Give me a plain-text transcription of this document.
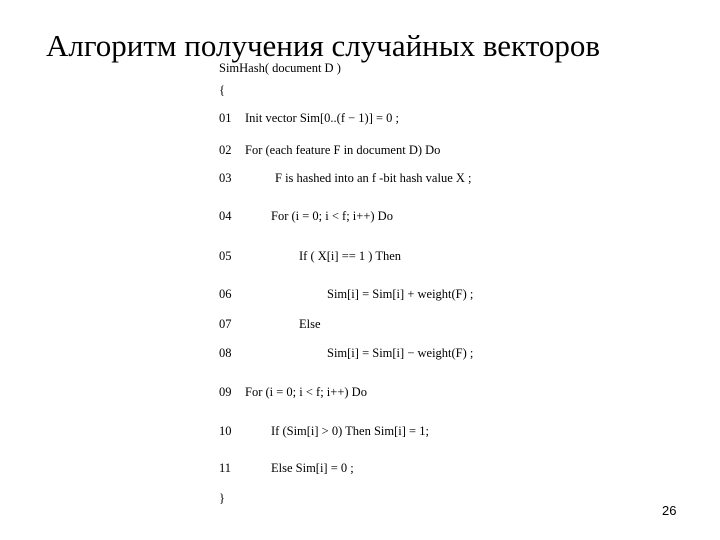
Алгоритм получения случайных векторов
SimHash( document D )
{
01	Init vector Sim[0..(f − 1)] = 0 ;
02	For (each feature F in document D) Do
03	F is hashed into an f -bit hash value X ;
04	For (i = 0; i < f; i++) Do
05	If ( X[i] == 1 ) Then
06	Sim[i] = Sim[i] + weight(F) ;
07	Else
08	Sim[i] = Sim[i] − weight(F) ;
09	For (i = 0; i < f; i++) Do
10	If (Sim[i] > 0) Then Sim[i] = 1;
11	Else Sim[i] = 0 ;
}
26
